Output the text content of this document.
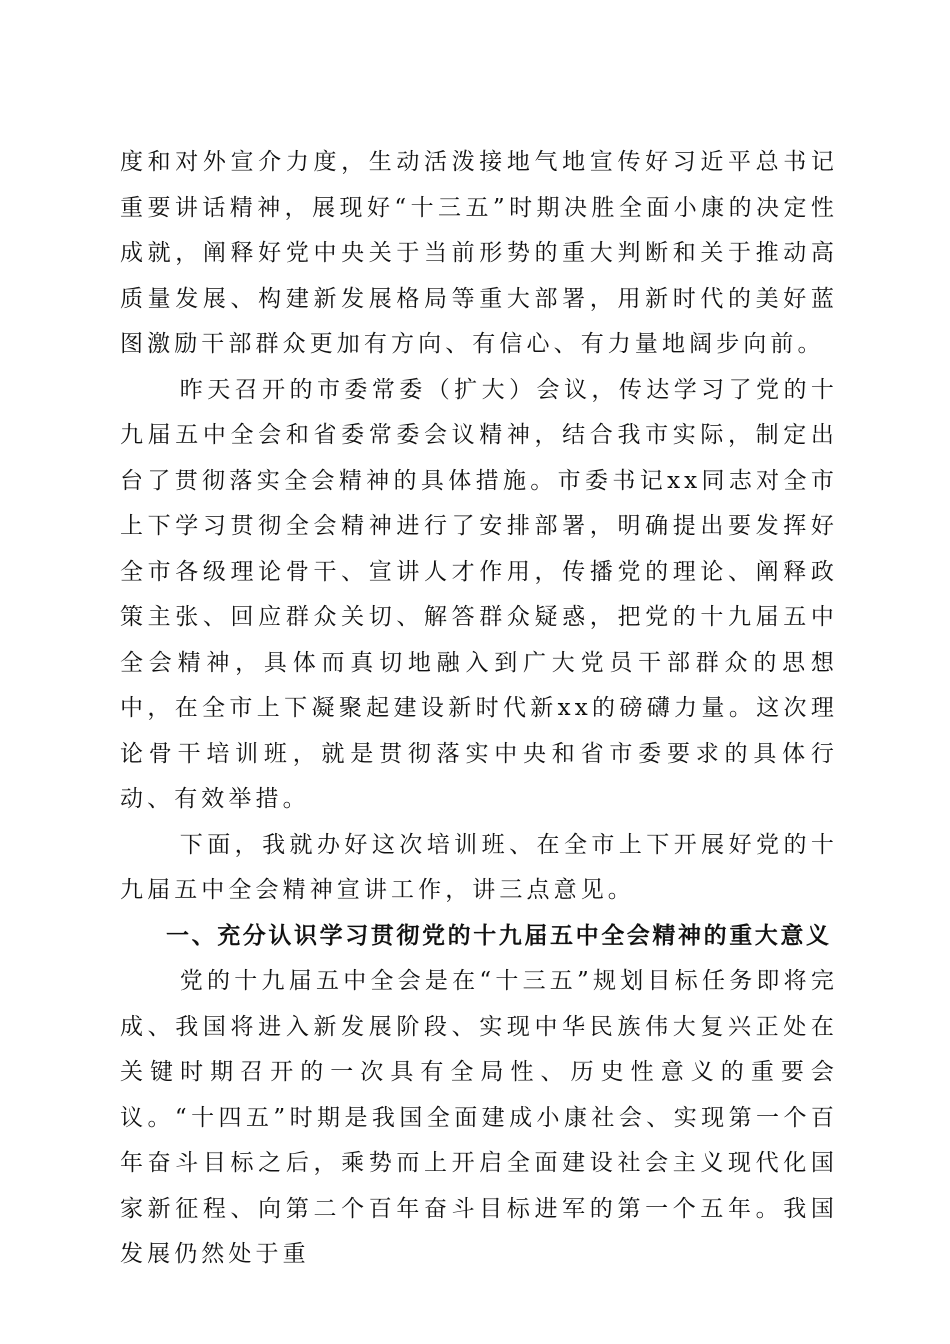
度和对外宣介力度，生动活泼接地气地宣传好习近平总书记重要讲话精神，展现好“十三五”时期决胜全面小康的决定性成就，阐释好党中央关于当前形势的重大判断和关于推动高质量发展、构建新发展格局等重大部署，用新时代的美好蓝图激励干部群众更加有方向、有信心、有力量地阔步向前。

昨天召开的市委常委（扩大）会议，传达学习了党的十九届五中全会和省委常委会议精神，结合我市实际，制定出台了贯彻落实全会精神的具体措施。市委书记xx同志对全市上下学习贯彻全会精神进行了安排部署，明确提出要发挥好全市各级理论骨干、宣讲人才作用，传播党的理论、阐释政策主张、回应群众关切、解答群众疑惑，把党的十九届五中全会精神，具体而真切地融入到广大党员干部群众的思想中，在全市上下凝聚起建设新时代新xx的磅礴力量。这次理论骨干培训班，就是贯彻落实中央和省市委要求的具体行动、有效举措。

下面，我就办好这次培训班、在全市上下开展好党的十九届五中全会精神宣讲工作，讲三点意见。

一、充分认识学习贯彻党的十九届五中全会精神的重大意义

党的十九届五中全会是在“十三五”规划目标任务即将完成、我国将进入新发展阶段、实现中华民族伟大复兴正处在关键时期召开的一次具有全局性、历史性意义的重要会议。“十四五”时期是我国全面建成小康社会、实现第一个百年奋斗目标之后，乘势而上开启全面建设社会主义现代化国家新征程、向第二个百年奋斗目标进军的第一个五年。我国发展仍然处于重
